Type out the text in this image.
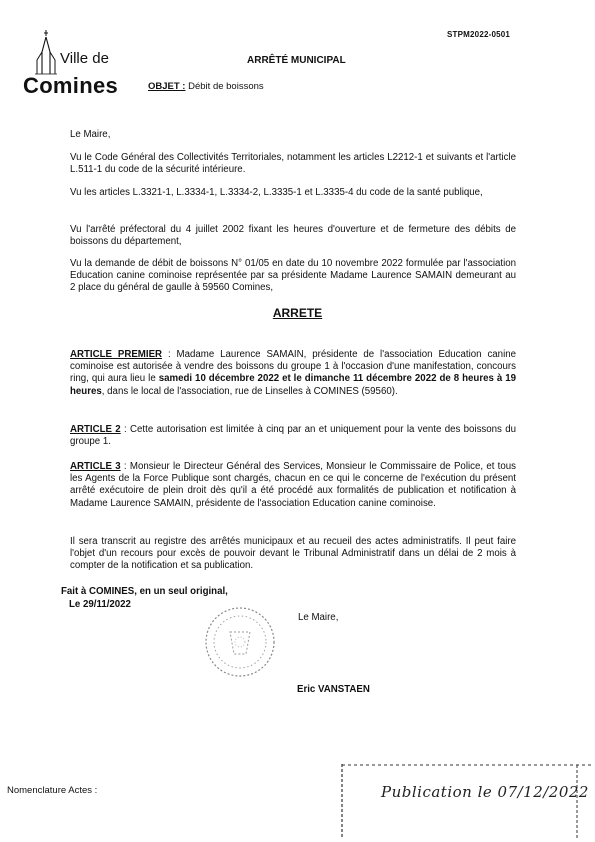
STPM2022-0501
Ville de
Comines
ARRÊTÉ MUNICIPAL
OBJET : Débit de boissons
Le Maire,
Vu le Code Général des Collectivités Territoriales, notamment les articles L2212-1 et suivants et l'article L.511-1 du code de la sécurité intérieure.
Vu les articles L.3321-1, L.3334-1, L.3334-2, L.3335-1 et L.3335-4 du code de la santé publique,
Vu l'arrêté préfectoral du 4 juillet 2002 fixant les heures d'ouverture et de fermeture des débits de boissons du département,
Vu la demande de débit de boissons N° 01/05 en date du 10 novembre 2022 formulée par l'association Education canine cominoise représentée par sa présidente Madame Laurence SAMAIN demeurant au 2 place du général de gaulle à 59560 Comines,
ARRETE
ARTICLE PREMIER : Madame Laurence SAMAIN, présidente de l'association Education canine cominoise est autorisée à vendre des boissons du groupe 1 à l'occasion d'une manifestation, concours ring, qui aura lieu le samedi 10 décembre 2022 et le dimanche 11 décembre 2022 de 8 heures à 19 heures, dans le local de l'association, rue de Linselles à COMINES (59560).
ARTICLE 2 : Cette autorisation est limitée à cinq par an et uniquement pour la vente des boissons du groupe 1.
ARTICLE 3 : Monsieur le Directeur Général des Services, Monsieur le Commissaire de Police, et tous les Agents de la Force Publique sont chargés, chacun en ce qui le concerne de l'exécution du présent arrêté exécutoire de plein droit dès qu'il a été procédé aux formalités de publication et notification à Madame Laurence SAMAIN, présidente de l'association Education canine cominoise.
Il sera transcrit au registre des arrêtés municipaux et au recueil des actes administratifs. Il peut faire l'objet d'un recours pour excès de pouvoir devant le Tribunal Administratif dans un délai de 2 mois à compter de la notification et sa publication.
Fait à COMINES, en un seul original,
Le 29/11/2022
Le Maire,
Eric VANSTAEN
Nomenclature Actes :	Publication le 07/12/2022
